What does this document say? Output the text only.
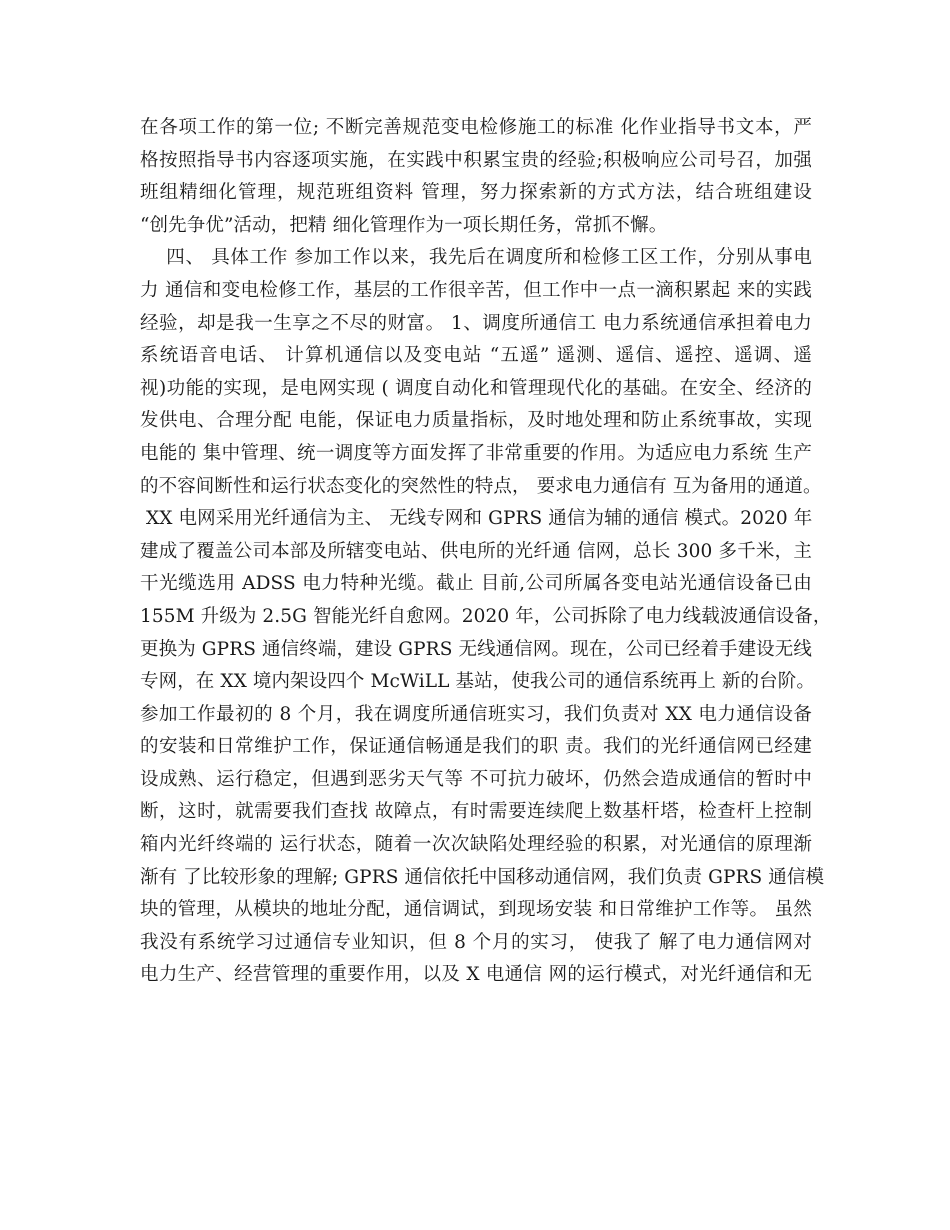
在各项工作的第一位; 不断完善规范变电检修施工的标准 化作业指导书文本，严
格按照指导书内容逐项实施，在实践中积累宝贵的经验;积极响应公司号召，加强
班组精细化管理，规范班组资料 管理，努力探索新的方式方法，结合班组建设
“创先争优”活动，把精 细化管理作为一项长期任务，常抓不懈。
四、 具体工作 参加工作以来，我先后在调度所和检修工区工作，分别从事电
力 通信和变电检修工作，基层的工作很辛苦，但工作中一点一滴积累起 来的实践
经验，却是我一生享之不尽的财富。 1、调度所通信工 电力系统通信承担着电力
系统语音电话、 计算机通信以及变电站 “五遥” 遥测、遥信、遥控、遥调、遥
视)功能的实现，是电网实现 ( 调度自动化和管理现代化的基础。在安全、经济的
发供电、合理分配 电能，保证电力质量指标，及时地处理和防止系统事故，实现
电能的 集中管理、统一调度等方面发挥了非常重要的作用。为适应电力系统 生产
的不容间断性和运行状态变化的突然性的特点， 要求电力通信有 互为备用的通道。
XX 电网采用光纤通信为主、 无线专网和 GPRS 通信为辅的通信 模式。2020 年
建成了覆盖公司本部及所辖变电站、供电所的光纤通 信网，总长 300 多千米，主
干光缆选用 ADSS 电力特种光缆。截止 目前,公司所属各变电站光通信设备已由
155M 升级为 2.5G 智能光纤自愈网。2020 年，公司拆除了电力线载波通信设备，
更换为 GPRS 通信终端，建设 GPRS 无线通信网。现在，公司已经着手建设无线
专网，在 XX 境内架设四个 McWiLL 基站，使我公司的通信系统再上 新的台阶。
参加工作最初的 8 个月，我在调度所通信班实习，我们负责对 XX 电力通信设备
的安装和日常维护工作，保证通信畅通是我们的职 责。我们的光纤通信网已经建
设成熟、运行稳定，但遇到恶劣天气等 不可抗力破坏，仍然会造成通信的暂时中
断，这时，就需要我们查找 故障点，有时需要连续爬上数基杆塔，检查杆上控制
箱内光纤终端的 运行状态，随着一次次缺陷处理经验的积累，对光通信的原理渐
渐有 了比较形象的理解; GPRS 通信依托中国移动通信网，我们负责 GPRS 通信模
块的管理，从模块的地址分配，通信调试，到现场安装 和日常维护工作等。 虽然
我没有系统学习过通信专业知识，但 8 个月的实习， 使我了 解了电力通信网对
电力生产、经营管理的重要作用，以及 X 电通信 网的运行模式，对光纤通信和无
